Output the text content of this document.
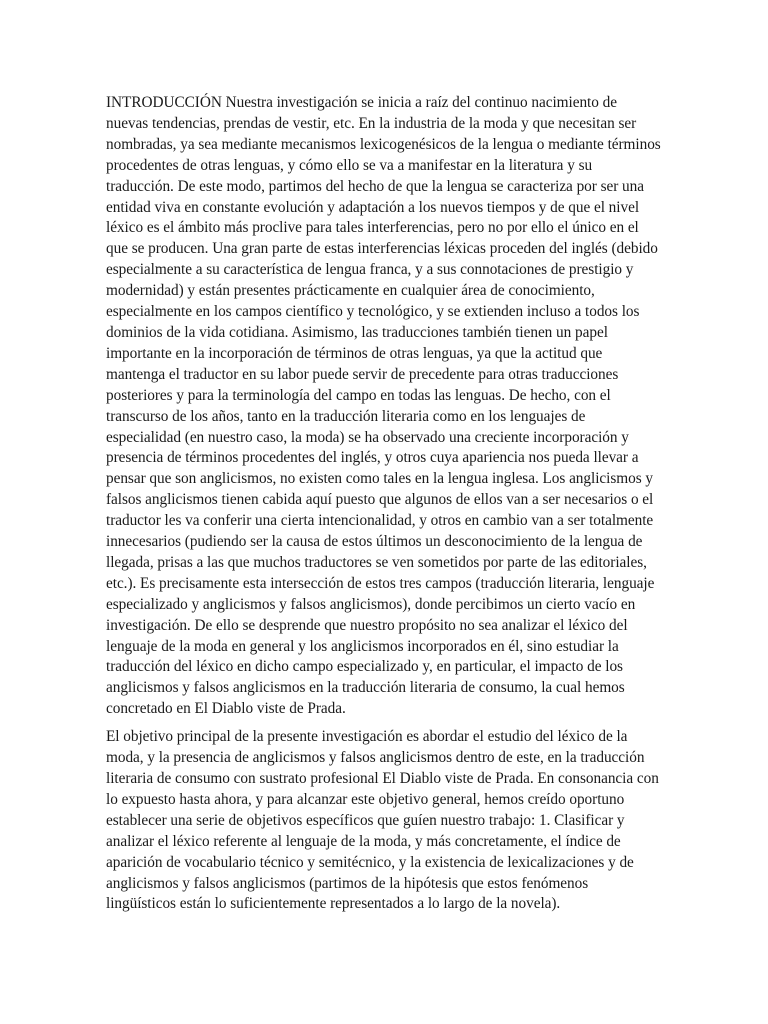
INTRODUCCIÓN Nuestra investigación se inicia a raíz del continuo nacimiento de nuevas tendencias, prendas de vestir, etc. En la industria de la moda y que necesitan ser nombradas, ya sea mediante mecanismos lexicogenésicos de la lengua o mediante términos procedentes de otras lenguas, y cómo ello se va a manifestar en la literatura y su traducción. De este modo, partimos del hecho de que la lengua se caracteriza por ser una entidad viva en constante evolución y adaptación a los nuevos tiempos y de que el nivel léxico es el ámbito más proclive para tales interferencias, pero no por ello el único en el que se producen. Una gran parte de estas interferencias léxicas proceden del inglés (debido especialmente a su característica de lengua franca, y a sus connotaciones de prestigio y modernidad) y están presentes prácticamente en cualquier área de conocimiento, especialmente en los campos científico y tecnológico, y se extienden incluso a todos los dominios de la vida cotidiana. Asimismo, las traducciones también tienen un papel importante en la incorporación de términos de otras lenguas, ya que la actitud que mantenga el traductor en su labor puede servir de precedente para otras traducciones posteriores y para la terminología del campo en todas las lenguas. De hecho, con el transcurso de los años, tanto en la traducción literaria como en los lenguajes de especialidad (en nuestro caso, la moda) se ha observado una creciente incorporación y presencia de términos procedentes del inglés, y otros cuya apariencia nos pueda llevar a pensar que son anglicismos, no existen como tales en la lengua inglesa. Los anglicismos y falsos anglicismos tienen cabida aquí puesto que algunos de ellos van a ser necesarios o el traductor les va conferir una cierta intencionalidad, y otros en cambio van a ser totalmente innecesarios (pudiendo ser la causa de estos últimos un desconocimiento de la lengua de llegada, prisas a las que muchos traductores se ven sometidos por parte de las editoriales, etc.). Es precisamente esta intersección de estos tres campos (traducción literaria, lenguaje especializado y anglicismos y falsos anglicismos), donde percibimos un cierto vacío en investigación. De ello se desprende que nuestro propósito no sea analizar el léxico del lenguaje de la moda en general y los anglicismos incorporados en él, sino estudiar la traducción del léxico en dicho campo especializado y, en particular, el impacto de los anglicismos y falsos anglicismos en la traducción literaria de consumo, la cual hemos concretado en El Diablo viste de Prada.

El objetivo principal de la presente investigación es abordar el estudio del léxico de la moda, y la presencia de anglicismos y falsos anglicismos dentro de este, en la traducción literaria de consumo con sustrato profesional El Diablo viste de Prada. En consonancia con lo expuesto hasta ahora, y para alcanzar este objetivo general, hemos creído oportuno establecer una serie de objetivos específicos que guíen nuestro trabajo: 1. Clasificar y analizar el léxico referente al lenguaje de la moda, y más concretamente, el índice de aparición de vocabulario técnico y semitécnico, y la existencia de lexicalizaciones y de anglicismos y falsos anglicismos (partimos de la hipótesis que estos fenómenos lingüísticos están lo suficientemente representados a lo largo de la novela).
